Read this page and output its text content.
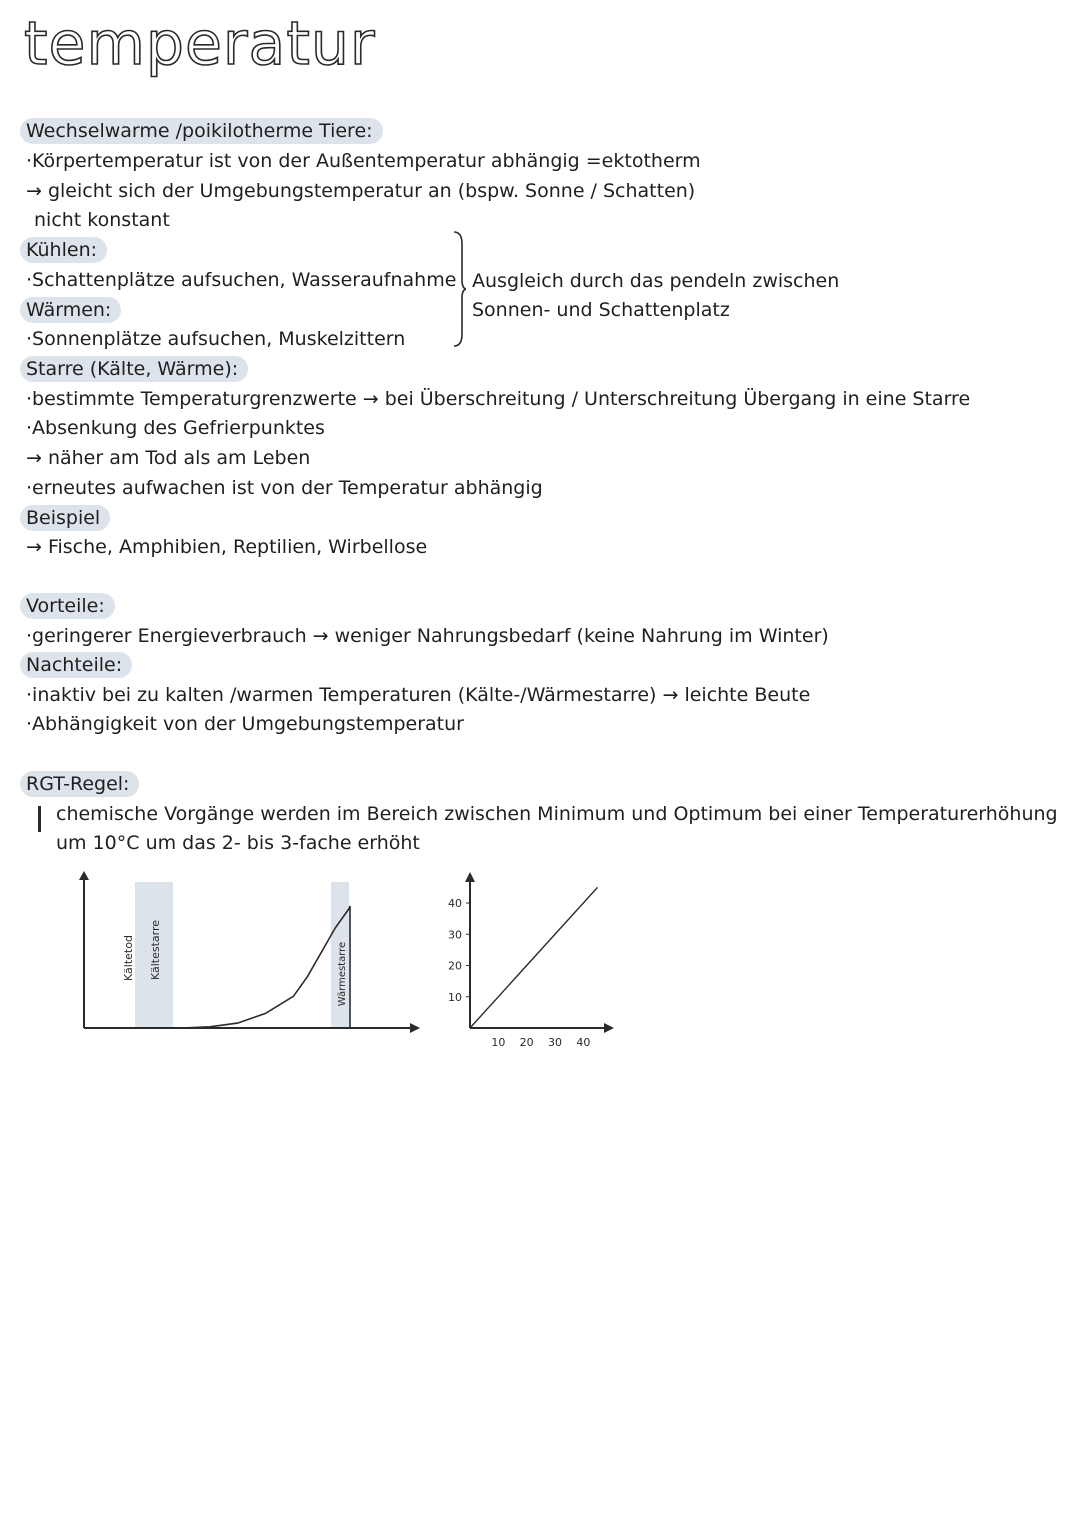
temperatur
Wechselwarme /poikilotherme Tiere:
·Körpertemperatur ist von der Außentemperatur abhängig =ektotherm
→ gleicht sich der Umgebungstemperatur an (bspw. Sonne / Schatten)
nicht konstant
Kühlen:
·Schattenplätze aufsuchen, Wasseraufnahme
Wärmen:
·Sonnenplätze aufsuchen, Muskelzittern
Ausgleich durch das pendeln zwischen
Sonnen- und Schattenplatz
Starre (Kälte, Wärme):
·bestimmte Temperaturgrenzwerte → bei Überschreitung / Unterschreitung Übergang in eine Starre
·Absenkung des Gefrierpunktes
→ näher am Tod als am Leben
·erneutes aufwachen ist von der Temperatur abhängig
Beispiel
→ Fische, Amphibien, Reptilien, Wirbellose
Vorteile:
·geringerer Energieverbrauch → weniger Nahrungsbedarf (keine Nahrung im Winter)
Nachteile:
·inaktiv bei zu kalten /warmen Temperaturen (Kälte-/Wärmestarre) → leichte Beute
·Abhängigkeit von der Umgebungstemperatur
RGT-Regel:
chemische Vorgänge werden im Bereich zwischen Minimum und Optimum bei einer Temperaturerhöhung
um 10°C um das 2- bis 3-fache erhöht
Kältetod Kältestarre	Wärmestarre	10
20
30
40
10 20 30 40
